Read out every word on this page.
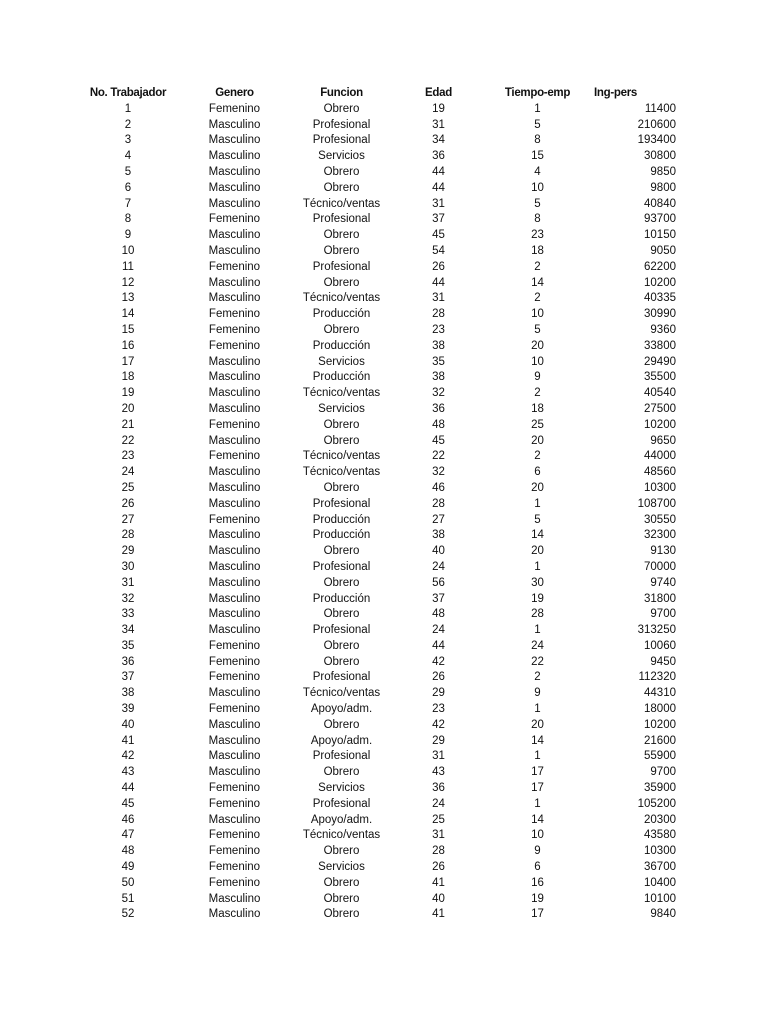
No. Trabajador	Genero	Funcion	Edad	Tiempo-emp	Ing-pers
1	Femenino	Obrero	19	1	11400
2	Masculino	Profesional	31	5	210600
3	Masculino	Profesional	34	8	193400
4	Masculino	Servicios	36	15	30800
5	Masculino	Obrero	44	4	9850
6	Masculino	Obrero	44	10	9800
7	Masculino	Técnico/ventas	31	5	40840
8	Femenino	Profesional	37	8	93700
9	Masculino	Obrero	45	23	10150
10	Masculino	Obrero	54	18	9050
11	Femenino	Profesional	26	2	62200
12	Masculino	Obrero	44	14	10200
13	Masculino	Técnico/ventas	31	2	40335
14	Femenino	Producción	28	10	30990
15	Femenino	Obrero	23	5	9360
16	Femenino	Producción	38	20	33800
17	Masculino	Servicios	35	10	29490
18	Masculino	Producción	38	9	35500
19	Masculino	Técnico/ventas	32	2	40540
20	Masculino	Servicios	36	18	27500
21	Femenino	Obrero	48	25	10200
22	Masculino	Obrero	45	20	9650
23	Femenino	Técnico/ventas	22	2	44000
24	Masculino	Técnico/ventas	32	6	48560
25	Masculino	Obrero	46	20	10300
26	Masculino	Profesional	28	1	108700
27	Femenino	Producción	27	5	30550
28	Masculino	Producción	38	14	32300
29	Masculino	Obrero	40	20	9130
30	Masculino	Profesional	24	1	70000
31	Masculino	Obrero	56	30	9740
32	Masculino	Producción	37	19	31800
33	Masculino	Obrero	48	28	9700
34	Masculino	Profesional	24	1	313250
35	Femenino	Obrero	44	24	10060
36	Femenino	Obrero	42	22	9450
37	Femenino	Profesional	26	2	112320
38	Masculino	Técnico/ventas	29	9	44310
39	Femenino	Apoyo/adm.	23	1	18000
40	Masculino	Obrero	42	20	10200
41	Masculino	Apoyo/adm.	29	14	21600
42	Masculino	Profesional	31	1	55900
43	Masculino	Obrero	43	17	9700
44	Femenino	Servicios	36	17	35900
45	Femenino	Profesional	24	1	105200
46	Masculino	Apoyo/adm.	25	14	20300
47	Femenino	Técnico/ventas	31	10	43580
48	Femenino	Obrero	28	9	10300
49	Femenino	Servicios	26	6	36700
50	Femenino	Obrero	41	16	10400
51	Masculino	Obrero	40	19	10100
52	Masculino	Obrero	41	17	9840
